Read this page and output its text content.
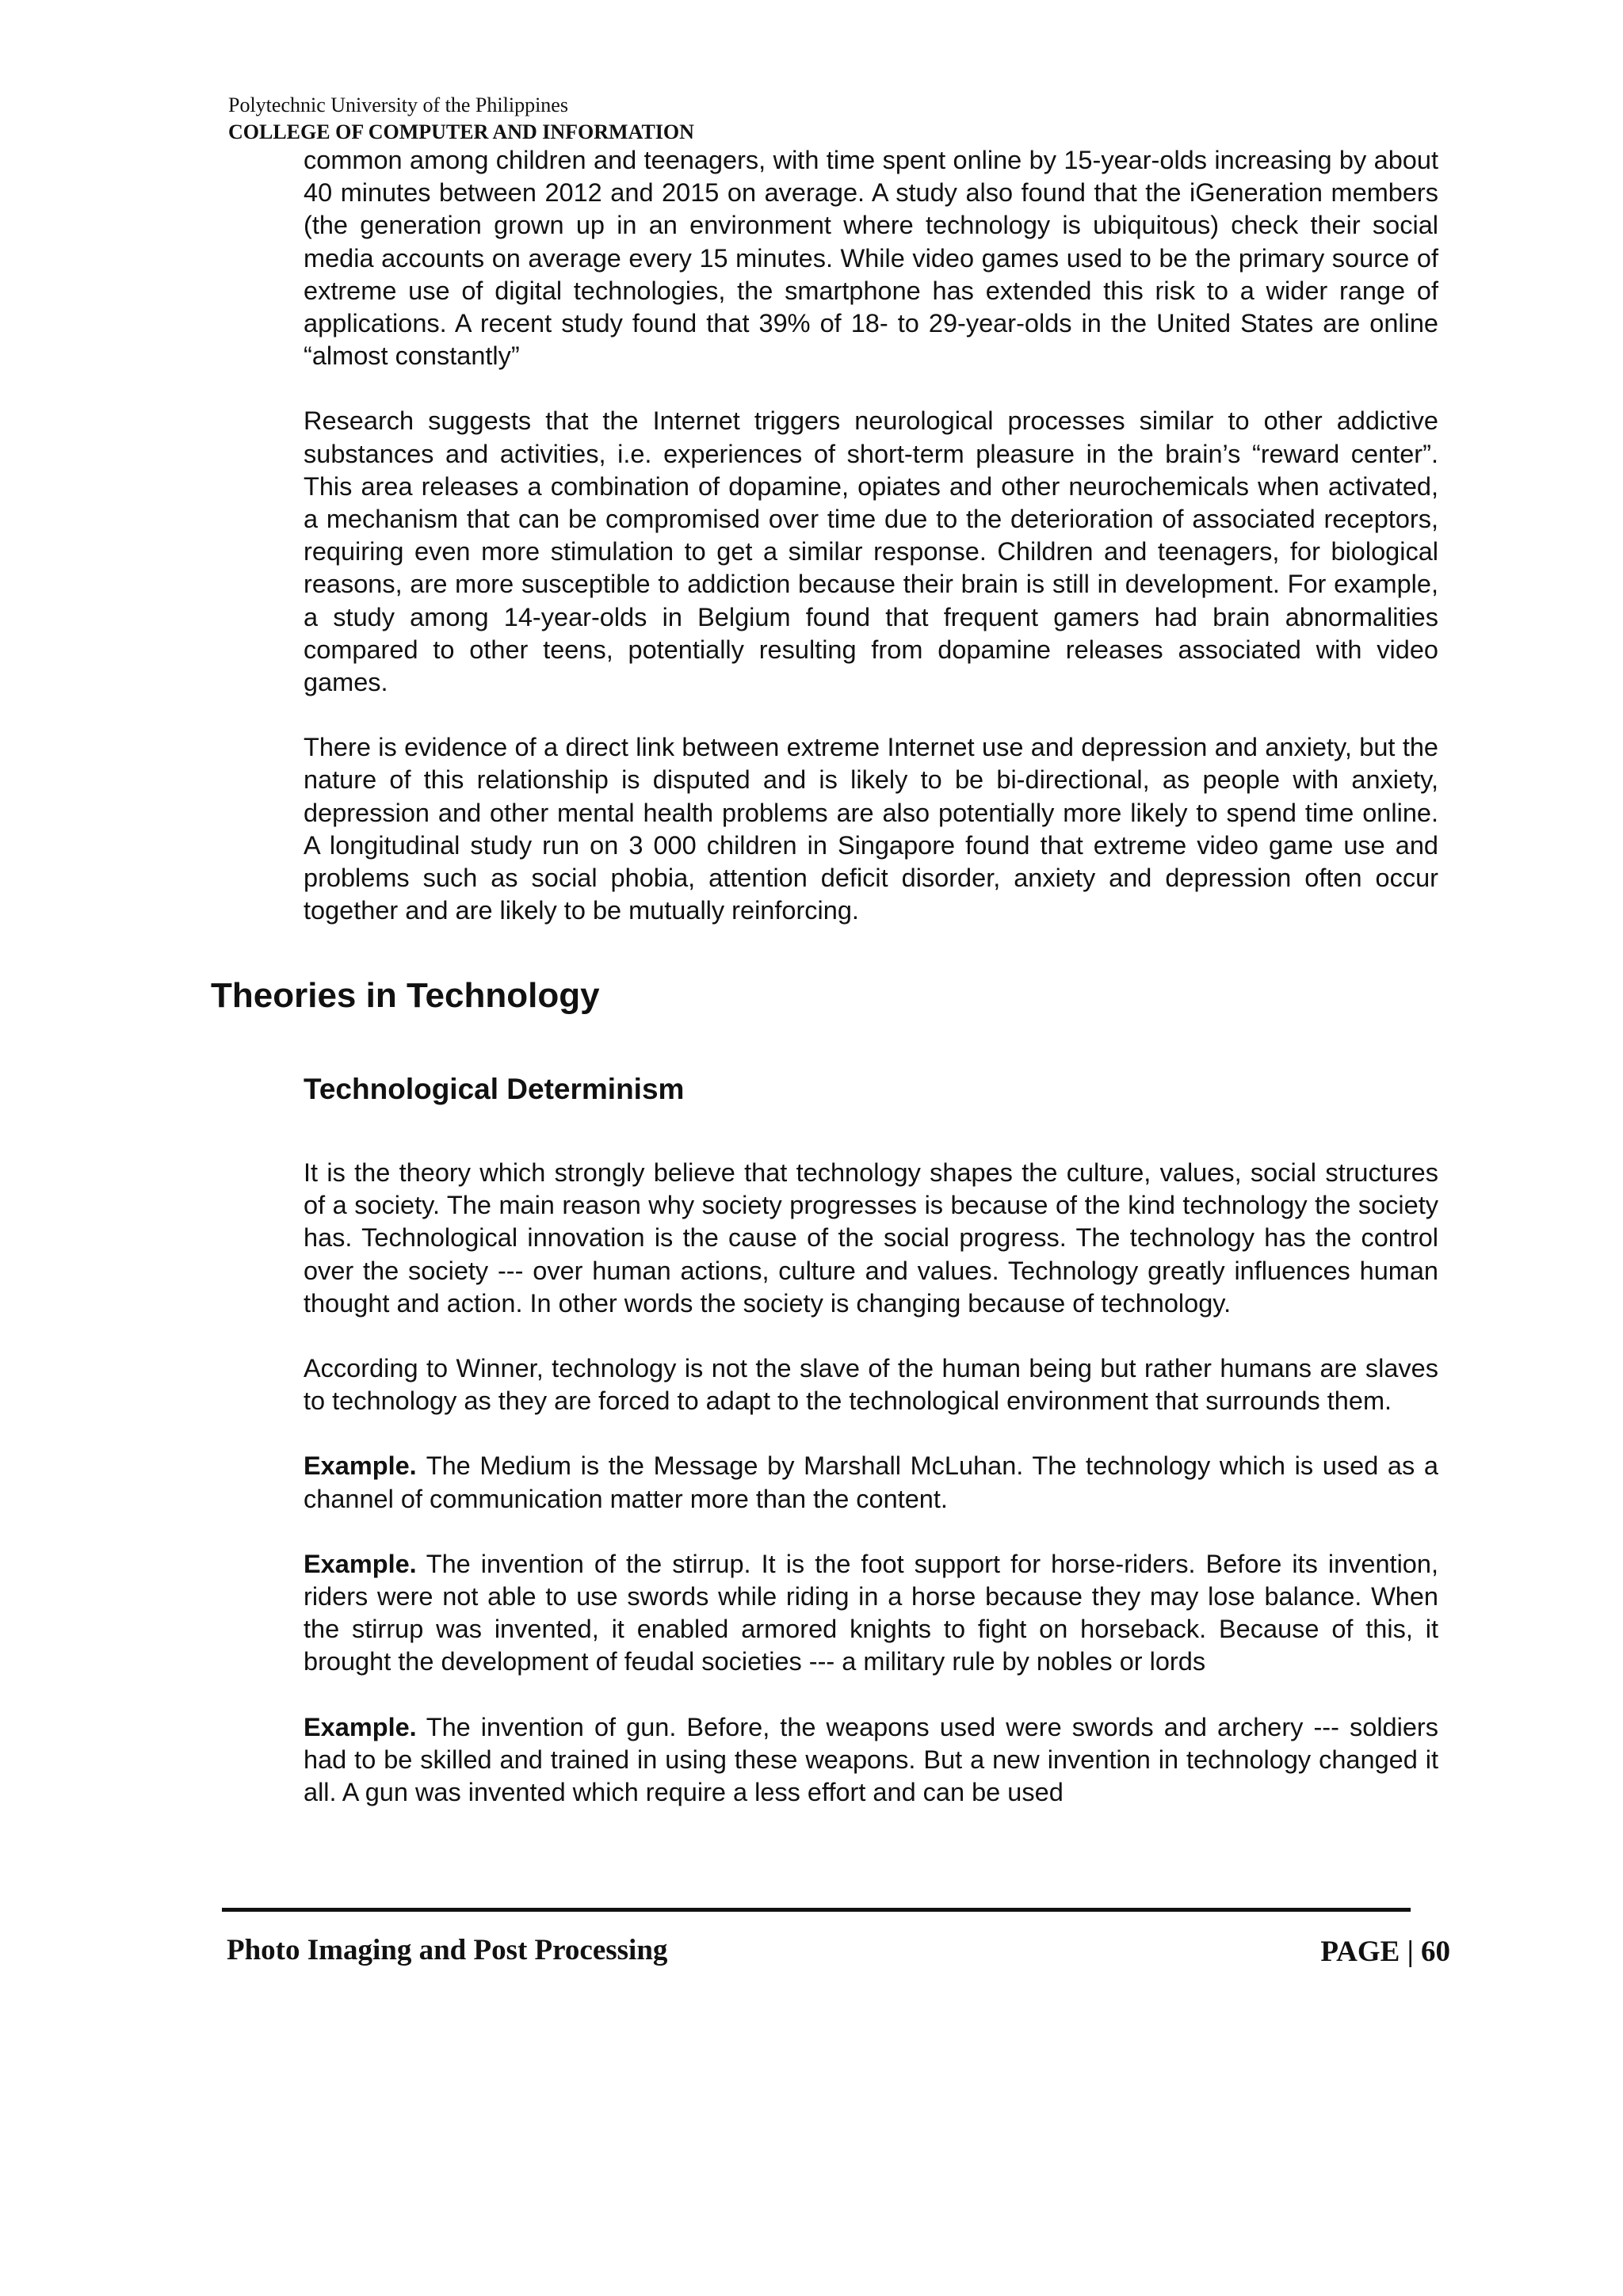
Polytechnic University of the Philippines
COLLEGE OF COMPUTER AND INFORMATION

common among children and teenagers, with time spent online by 15-year-olds increasing by about 40 minutes between 2012 and 2015 on average. A study also found that the iGeneration members (the generation grown up in an environment where technology is ubiquitous) check their social media accounts on average every 15 minutes. While video games used to be the primary source of extreme use of digital technologies, the smartphone has extended this risk to a wider range of applications. A recent study found that 39% of 18- to 29-year-olds in the United States are online “almost constantly”

Research suggests that the Internet triggers neurological processes similar to other addictive substances and activities, i.e. experiences of short-term pleasure in the brain’s “reward center”. This area releases a combination of dopamine, opiates and other neurochemicals when activated, a mechanism that can be compromised over time due to the deterioration of associated receptors, requiring even more stimulation to get a similar response. Children and teenagers, for biological reasons, are more susceptible to addiction because their brain is still in development. For example, a study among 14-year-olds in Belgium found that frequent gamers had brain abnormalities compared to other teens, potentially resulting from dopamine releases associated with video games.

There is evidence of a direct link between extreme Internet use and depression and anxiety, but the nature of this relationship is disputed and is likely to be bi-directional, as people with anxiety, depression and other mental health problems are also potentially more likely to spend time online. A longitudinal study run on 3 000 children in Singapore found that extreme video game use and problems such as social phobia, attention deficit disorder, anxiety and depression often occur together and are likely to be mutually reinforcing.

Theories in Technology
Technological Determinism

It is the theory which strongly believe that technology shapes the culture, values, social structures of a society. The main reason why society progresses is because of the kind technology the society has. Technological innovation is the cause of the social progress. The technology has the control over the society --- over human actions, culture and values. Technology greatly influences human thought and action. In other words the society is changing because of technology.

According to Winner, technology is not the slave of the human being but rather humans are slaves to technology as they are forced to adapt to the technological environment that surrounds them.

Example. The Medium is the Message by Marshall McLuhan. The technology which is used as a channel of communication matter more than the content.

Example. The invention of the stirrup. It is the foot support for horse-riders. Before its invention, riders were not able to use swords while riding in a horse because they may lose balance. When the stirrup was invented, it enabled armored knights to fight on horseback. Because of this, it brought the development of feudal societies --- a military rule by nobles or lords

Example. The invention of gun. Before, the weapons used were swords and archery --- soldiers had to be skilled and trained in using these weapons. But a new invention in technology changed it all. A gun was invented which require a less effort and can be used

Photo Imaging and Post Processing	PAGE | 60
